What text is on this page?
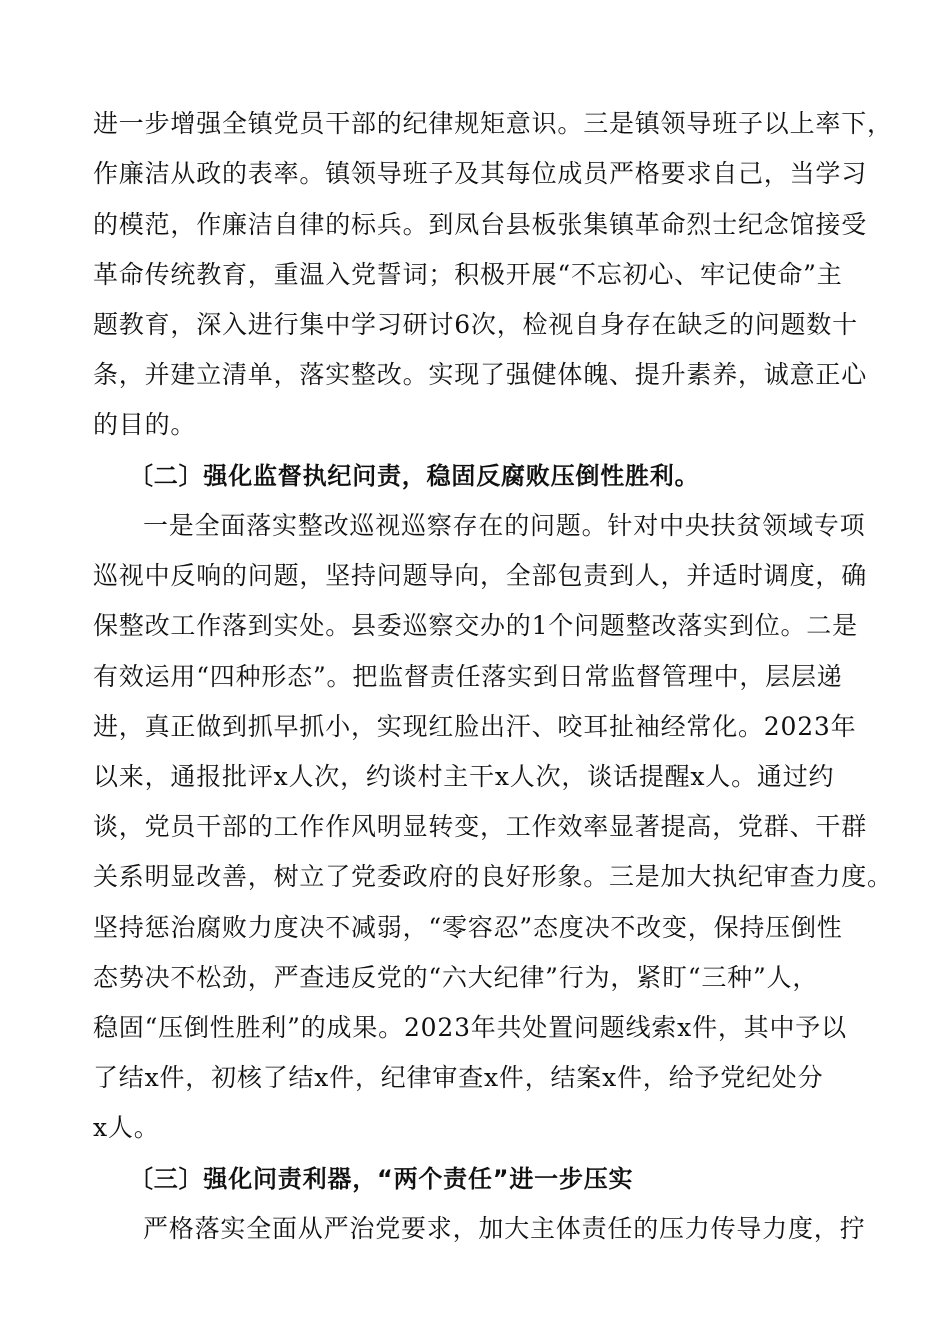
进一步增强全镇党员干部的纪律规矩意识。三是镇领导班子以上率下，
作廉洁从政的表率。镇领导班子及其每位成员严格要求自己，当学习
的模范，作廉洁自律的标兵。到凤台县板张集镇革命烈士纪念馆接受
革命传统教育，重温入党誓词；积极开展“不忘初心、牢记使命”主
题教育，深入进行集中学习研讨6次，检视自身存在缺乏的问题数十
条，并建立清单，落实整改。实现了强健体魄、提升素养，诚意正心
的目的。
〔二〕强化监督执纪问责，稳固反腐败压倒性胜利。
一是全面落实整改巡视巡察存在的问题。针对中央扶贫领域专项
巡视中反响的问题，坚持问题导向，全部包责到人，并适时调度，确
保整改工作落到实处。县委巡察交办的1个问题整改落实到位。二是
有效运用“四种形态”。把监督责任落实到日常监督管理中，层层递
进，真正做到抓早抓小，实现红脸出汗、咬耳扯袖经常化。2023年
以来，通报批评x人次，约谈村主干x人次，谈话提醒x人。通过约
谈，党员干部的工作作风明显转变，工作效率显著提高，党群、干群
关系明显改善，树立了党委政府的良好形象。三是加大执纪审查力度。
坚持惩治腐败力度决不减弱，“零容忍”态度决不改变，保持压倒性
态势决不松劲，严查违反党的“六大纪律”行为，紧盯“三种”人，
稳固“压倒性胜利”的成果。2023年共处置问题线索x件，其中予以
了结x件，初核了结x件，纪律审查x件，结案x件，给予党纪处分
x人。
〔三〕强化问责利器，“两个责任”进一步压实
严格落实全面从严治党要求，加大主体责任的压力传导力度，拧
